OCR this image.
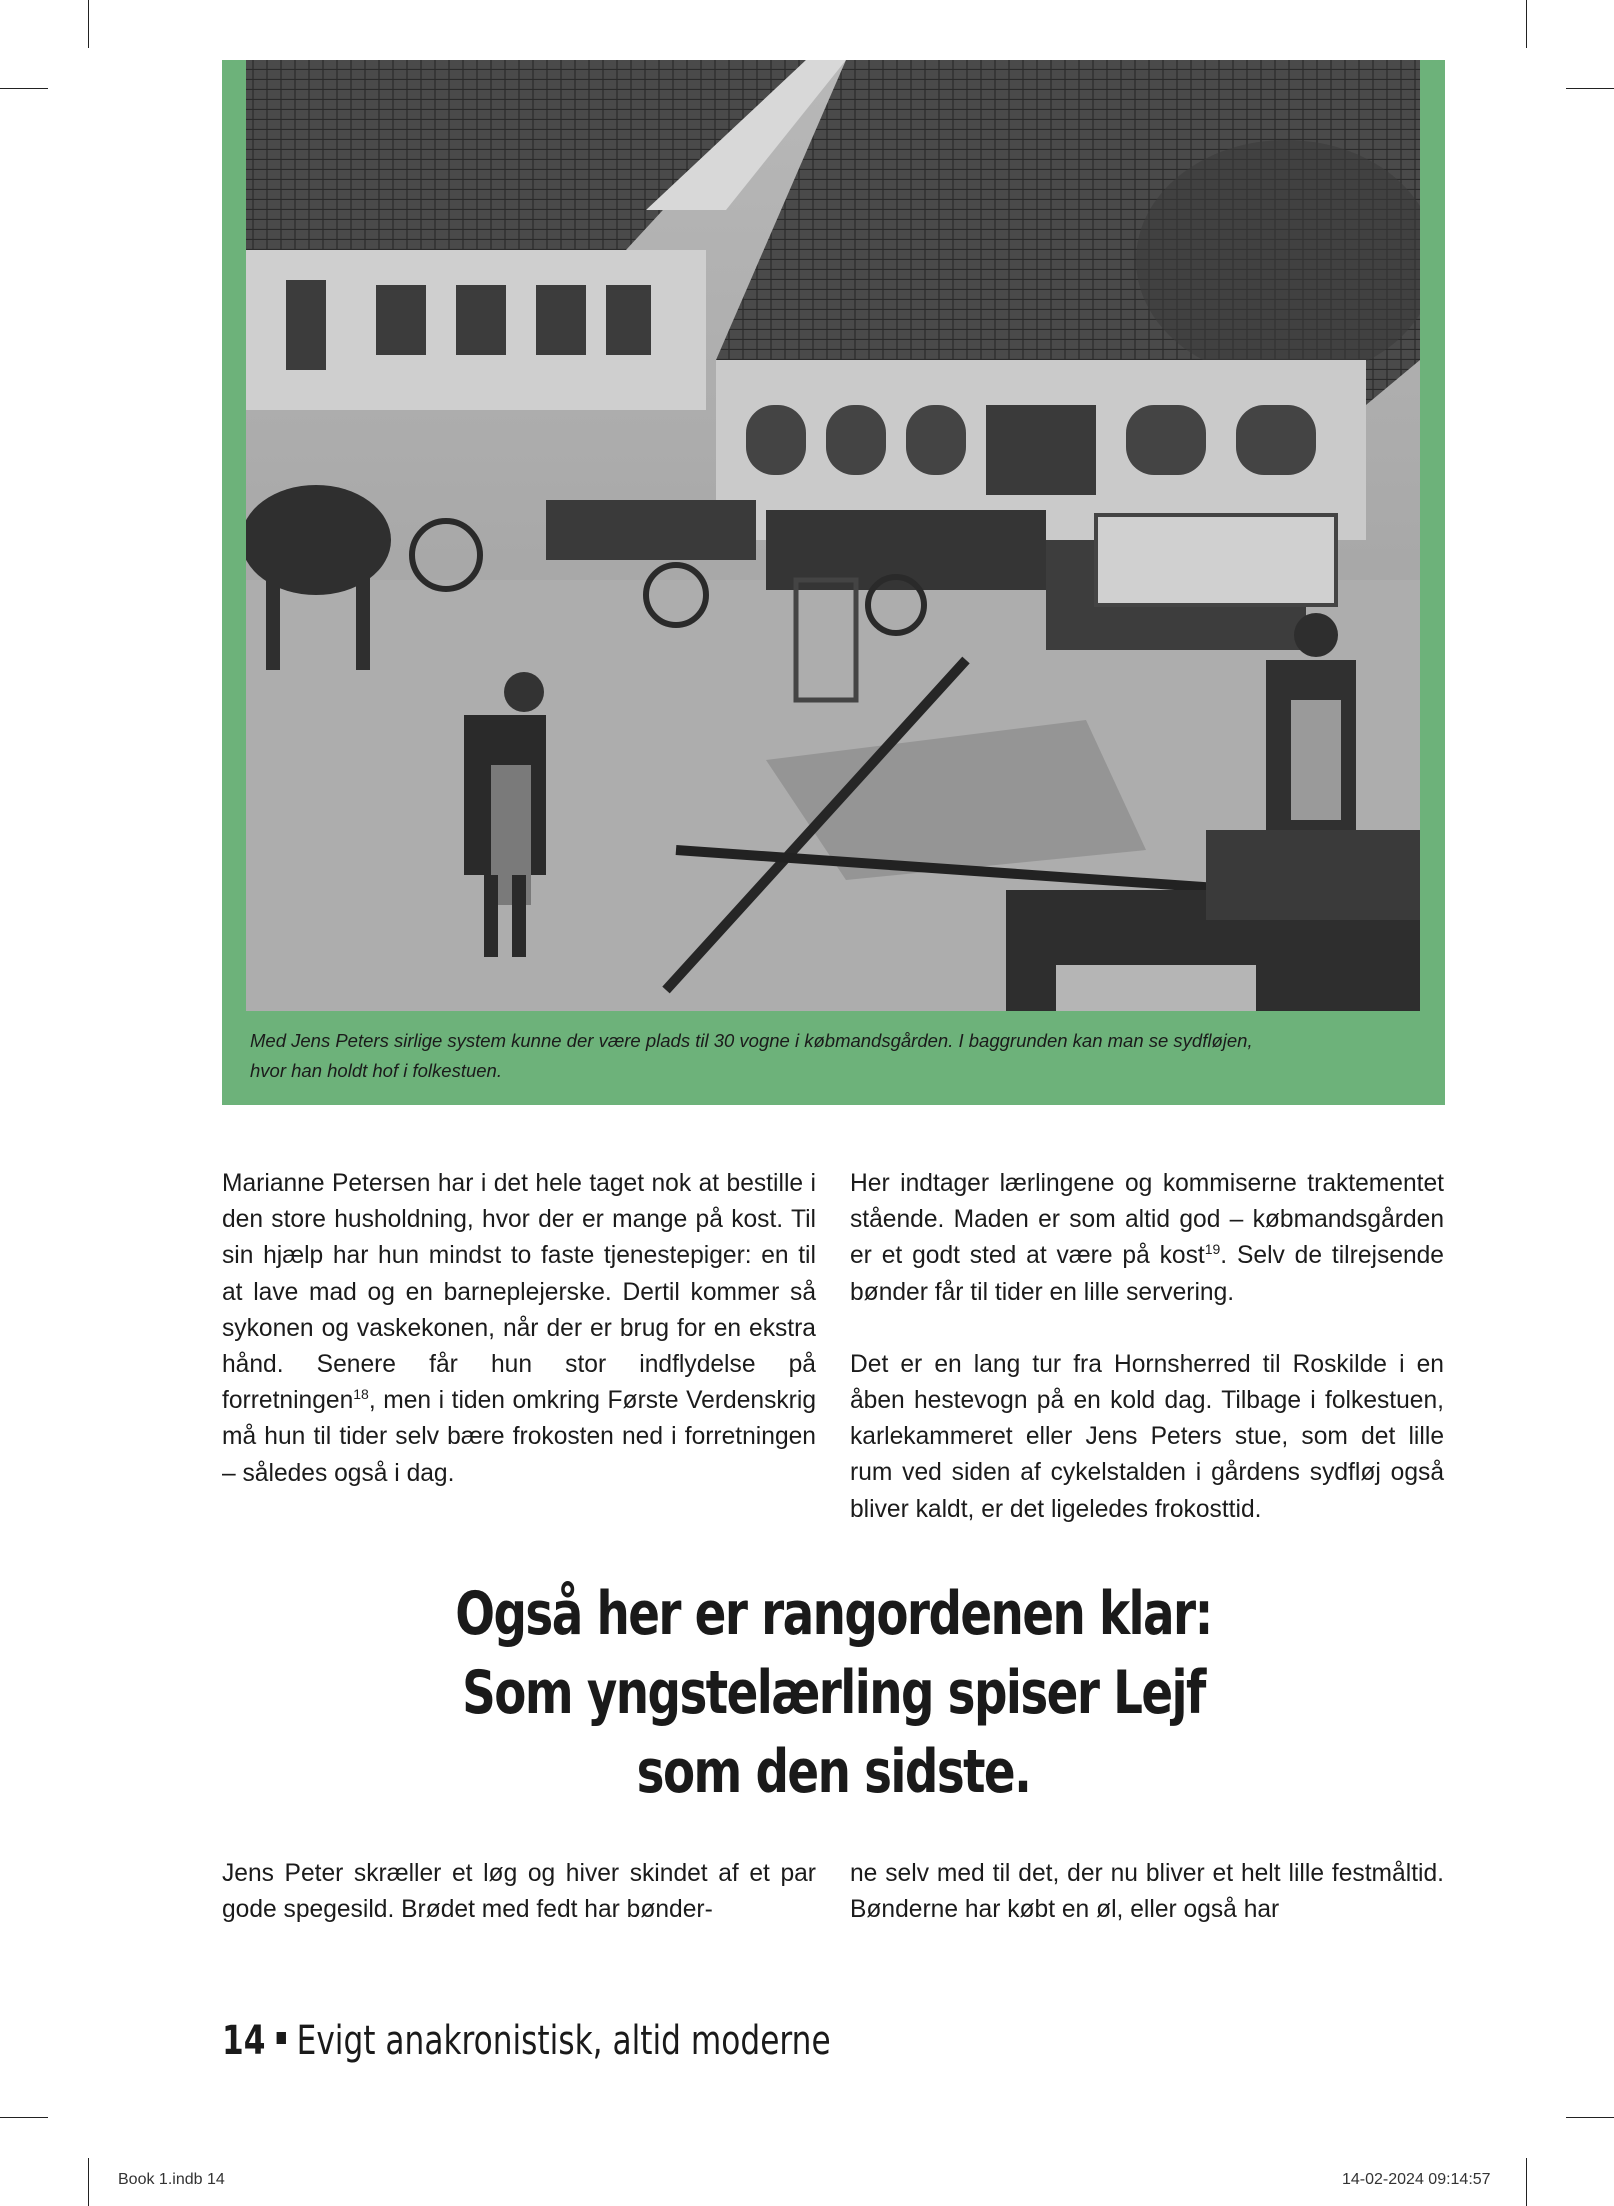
Med Jens Peters sirlige system kunne der være plads til 30 vogne i købmandsgården. I baggrunden kan man se sydfløjen,
hvor han holdt hof i folkestuen.

Marianne Petersen har i det hele taget nok at bestille i den store husholdning, hvor der er mange på kost. Til sin hjælp har hun mindst to faste tjenestepiger: en til at lave mad og en barneplejerske. Dertil kommer så sykonen og vaskekonen, når der er brug for en ekstra hånd. Senere får hun stor indflydelse på forretningen$^{18}$, men i tiden omkring Første Verdenskrig må hun til tider selv bære frokosten ned i forretningen – således også i dag.

Her indtager lærlingene og kommiserne traktementet stående. Maden er som altid god – købmandsgården er et godt sted at være på kost$^{19}$. Selv de tilrejsende bønder får til tider en lille servering.

Det er en lang tur fra Hornsherred til Roskilde i en åben hestevogn på en kold dag. Tilbage i folkestuen, karlekammeret eller Jens Peters stue, som det lille rum ved siden af cykelstalden i gårdens sydfløj også bliver kaldt, er det ligeledes frokosttid.

Også her er rangordenen klar:
Som yngstelærling spiser Lejf
som den sidste.

Jens Peter skræller et løg og hiver skindet af et par gode spegesild. Brødet med fedt har bønder-

ne selv med til det, der nu bliver et helt lille festmåltid. Bønderne har købt en øl, eller også har

14 Evigt anakronistisk, altid moderne
Book 1.indb 14	14-02-2024 09:14:57
